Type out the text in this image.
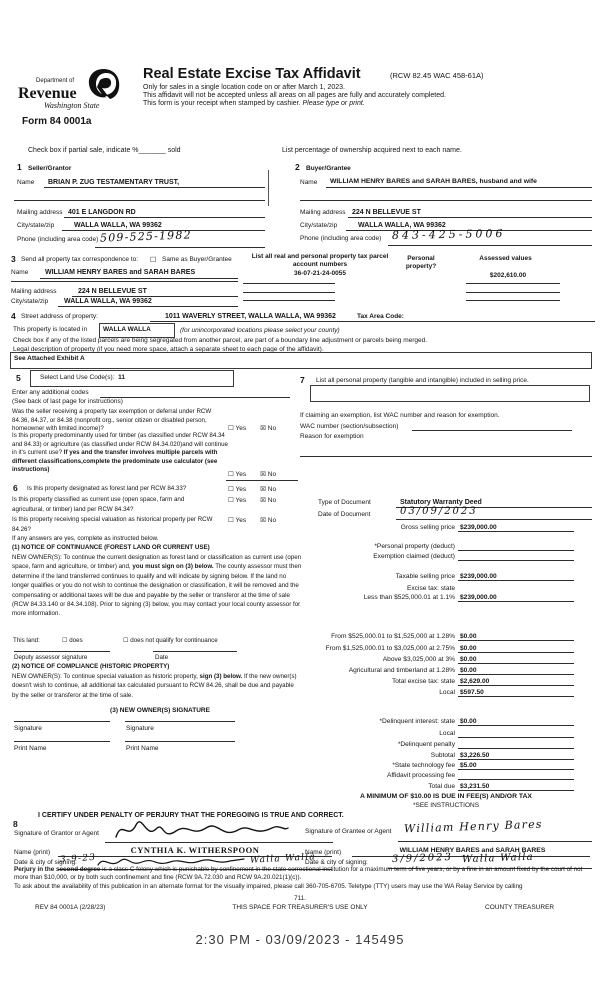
Department of
Revenue
Washington State
Form 84 0001a
Real Estate Excise Tax Affidavit	(RCW 82.45 WAC 458-61A)
Only for sales in a single location code on or after March 1, 2023.
This affidavit will not be accepted unless all areas on all pages are fully and accurately completed.
This form is your receipt when stamped by cashier. Please type or print.
Check box if partial sale, indicate %_______ sold	List percentage of ownership acquired next to each name.
1 Seller/Grantor
Name BRIAN P. ZUG TESTAMENTARY TRUST,
Mailing address 401 E LANGDON RD
City/state/zip	WALLA WALLA, WA 99362
Phone (including area code) 509-525-1982
2 Buyer/Grantee
Name WILLIAM HENRY BARES and SARAH BARES, husband and wife
Mailing address 224 N BELLEVUE ST
City/state/zip	WALLA WALLA, WA 99362
Phone (including area code) 843-425-5006
3 Send all property tax correspondence to: ☐ Same as Buyer/Grantee	List all real and personal property tax parcel account numbers
36-07-21-24-0055
Personal property?
Assessed values
$202,610.00
Name WILLIAM HENRY BARES and SARAH BARES
Mailing address	224 N BELLEVUE ST
City/state/zip WALLA WALLA, WA 99362
4 Street address of property:	1011 WAVERLY STREET, WALLA WALLA, WA 99362	Tax Area Code:
This property is located in WALLA WALLA	(for unincorporated locations please select your county)
Check box if any of the listed parcels are being segregated from another parcel, are part of a boundary line adjustment or parcels being merged.
Legal description of property (if you need more space, attach a separate sheet to each page of the affidavit).
See Attached Exhibit A
5	Select Land Use Code(s): 11
Enter any additional codes
(See back of last page for instructions)
Was the seller receiving a property tax exemption or deferral under RCW 84.36, 84.37, or 84.38 (nonprofit org., senior citizen or disabled person, homeowner with limited income)?	☐ Yes ☒ No
Is this property predominantly used for timber (as classified under RCW 84.34 and 84.33) or agriculture (as classified under RCW 84.34.020)and will continue in it's current use? If yes and the transfer involves multiple parcels with different classifications,complete the predominate use calculator (see instructions)
☐ Yes ☒ No
6 Is this property designated as forest land per RCW 84.33?	☐ Yes ☒ No
Is this property classified as current use (open space, farm and agricultural, or timber) land per RCW 84.34?
☐ Yes ☒ No
Is this property receiving special valuation as historical property per RCW 84.26?
☐ Yes ☒ No
If any answers are yes, complete as instructed below.
(1) NOTICE OF CONTINUANCE (FOREST LAND OR CURRENT USE)
NEW OWNER(S): To continue the current designation as forest land or classification as current use (open space, farm and agriculture, or timber) and, you must sign on (3) below. The county assessor must then determine if the land transferred continues to qualify and will indicate by signing below. If the land no longer qualifies or you do not wish to continue the designation or classification, it will be removed and the compensating or additional taxes will be due and payable by the seller or transferor at the time of sale (RCW 84.33.140 or 84.34.108). Prior to signing (3) below, you may contact your local county assessor for more information.
This land:	☐ does	☐ does not qualify for continuance
Deputy assessor signature	Date
(2) NOTICE OF COMPLIANCE (HISTORIC PROPERTY)
NEW OWNER(S): To continue special valuation as historic property, sign (3) below. If the new owner(s) doesn't wish to continue, all additional tax calculated pursuant to RCW 84.26, shall be due and payable by the seller or transferor at the time of sale.
(3) NEW OWNER(S) SIGNATURE
Signature	Signature
Print Name	Print Name
7 List all personal property (tangible and intangible) included in selling price.
If claiming an exemption, list WAC number and reason for exemption.
WAC number (section/subsection)
Reason for exemption
Type of Document	Statutory Warranty Deed
Date of Document	03/09/2023
Gross selling price $239,000.00
*Personal property (deduct)
Exemption claimed (deduct)
Taxable selling price $239,000.00
Excise tax: state
Less than $525,000.01 at 1.1% $239,000.00
From $525,000.01 to $1,525,000 at 1.28% $0.00
From $1,525,000.01 to $3,025,000 at 2.75% $0.00
Above $3,025,000 at 3% $0.00
Agricultural and timberland at 1.28% $0.00
Total excise tax: state $2,629.00
Local $597.50
*Delinquent interest: state $0.00
Local
*Delinquent penalty
Subtotal $3,226.50
*State technology fee $5.00
Affidavit processing fee
Total due $3,231.50
A MINIMUM OF $10.00 IS DUE IN FEE(S) AND/OR TAX
*SEE INSTRUCTIONS
I CERTIFY UNDER PENALTY OF PERJURY THAT THE FOREGOING IS TRUE AND CORRECT.
8
Signature of Grantor or Agent
Name (print)	CYNTHIA K. WITHERSPOON
Date & city of signing:
3-9-23	Walla Walla
Signature of Grantee or Agent William Henry Bares
Name (print)	WILLIAM HENRY BARES and SARAH BARES
Date & city of signing: 3/9/2023 Walla Walla
Perjury in the second degree is a class C felony which is punishable by confinement in the state correctional institution for a maximum term of five years, or by a fine in an amount fixed by the court of not more than $10,000, or by both such confinement and fine (RCW 9A.72.030 and RCW 9A.20.021(1)(c)).
To ask about the availability of this publication in an alternate format for the visually impaired, please call 360-705-6705. Teletype (TTY) users may use the WA Relay Service by calling
711.
REV 84 0001A (2/28/23)	THIS SPACE FOR TREASURER'S USE ONLY	COUNTY TREASURER
2:30 PM - 03/09/2023 - 145495
